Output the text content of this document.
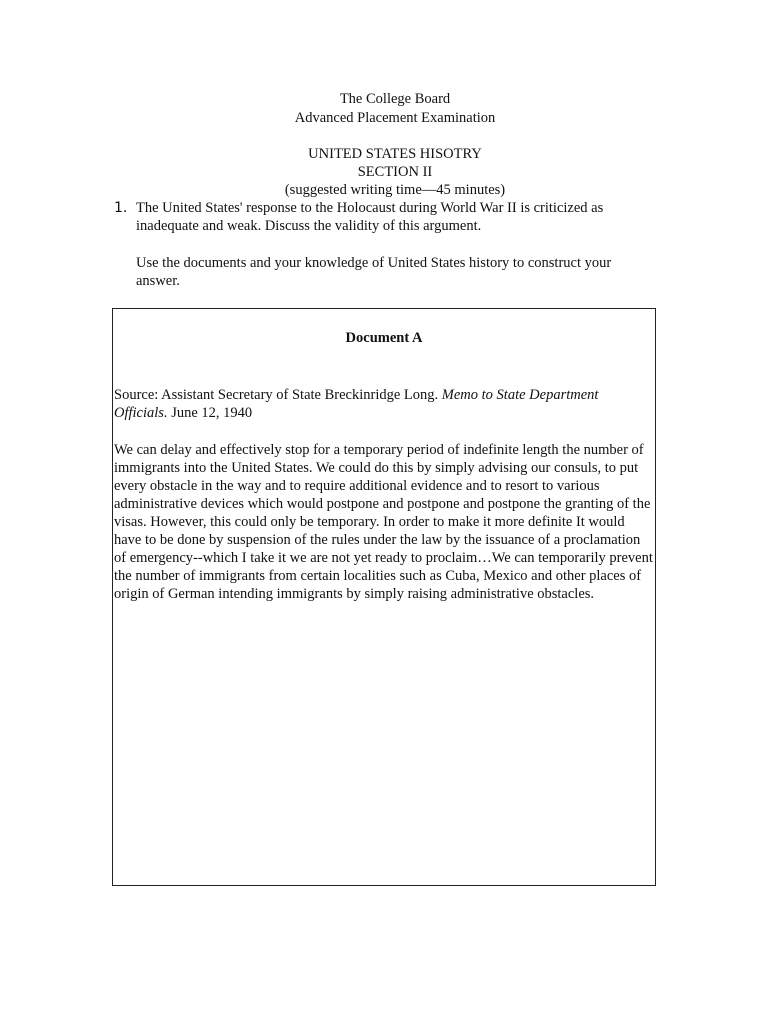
The College Board
Advanced Placement Examination
UNITED STATES HISOTRY
SECTION II
(suggested writing time—45 minutes)
1. The United States' response to the Holocaust during World War II is criticized as inadequate and weak. Discuss the validity of this argument.

Use the documents and your knowledge of United States history to construct your answer.

Document A

Source: Assistant Secretary of State Breckinridge Long. Memo to State Department Officials. June 12, 1940

We can delay and effectively stop for a temporary period of indefinite length the number of immigrants into the United States. We could do this by simply advising our consuls, to put every obstacle in the way and to require additional evidence and to resort to various administrative devices which would postpone and postpone and postpone the granting of the visas. However, this could only be temporary. In order to make it more definite It would have to be done by suspension of the rules under the law by the issuance of a proclamation of emergency--which I take it we are not yet ready to proclaim…We can temporarily prevent the number of immigrants from certain localities such as Cuba, Mexico and other places of origin of German intending immigrants by simply raising administrative obstacles.
